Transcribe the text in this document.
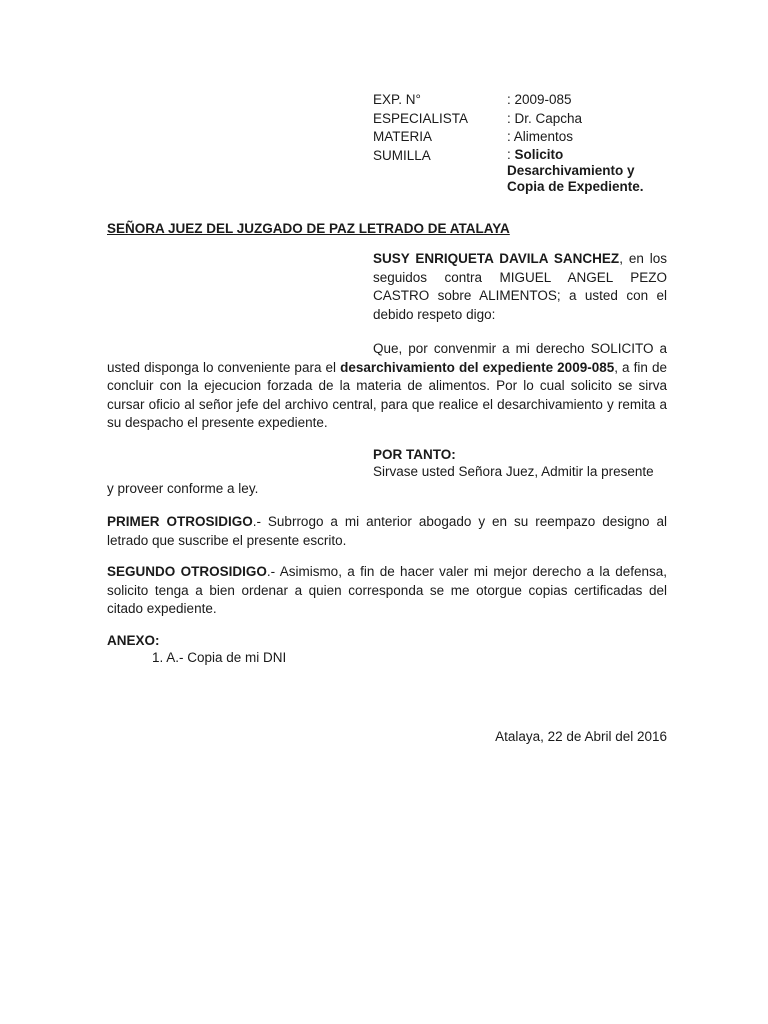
EXP. N°	: 2009-085
ESPECIALISTA	: Dr. Capcha
MATERIA	: Alimentos
SUMILLA	: Solicito
Desarchivamiento y
Copia de Expediente.
SEÑORA JUEZ DEL JUZGADO DE PAZ LETRADO DE ATALAYA
SUSY ENRIQUETA DAVILA SANCHEZ, en los seguidos contra MIGUEL ANGEL PEZO CASTRO sobre ALIMENTOS; a usted con el debido respeto digo:

Que, por convenmir a mi derecho SOLICITO a usted disponga lo conveniente para el desarchivamiento del expediente 2009-085, a fin de concluir con la ejecucion forzada de la materia de alimentos. Por lo cual solicito se sirva cursar oficio al señor jefe del archivo central, para que realice el desarchivamiento y remita a su despacho el presente expediente.

POR TANTO:
Sirvase usted Señora Juez, Admitir la presente
y proveer conforme a ley.
PRIMER OTROSIDIGO.- Subrrogo a mi anterior abogado y en su reempazo designo al letrado que suscribe el presente escrito.
SEGUNDO OTROSIDIGO.- Asimismo, a fin de hacer valer mi mejor derecho a la defensa, solicito tenga a bien ordenar a quien corresponda se me otorgue copias certificadas del citado expediente.
ANEXO:
1. A.- Copia de mi DNI
Atalaya, 22 de Abril del 2016
